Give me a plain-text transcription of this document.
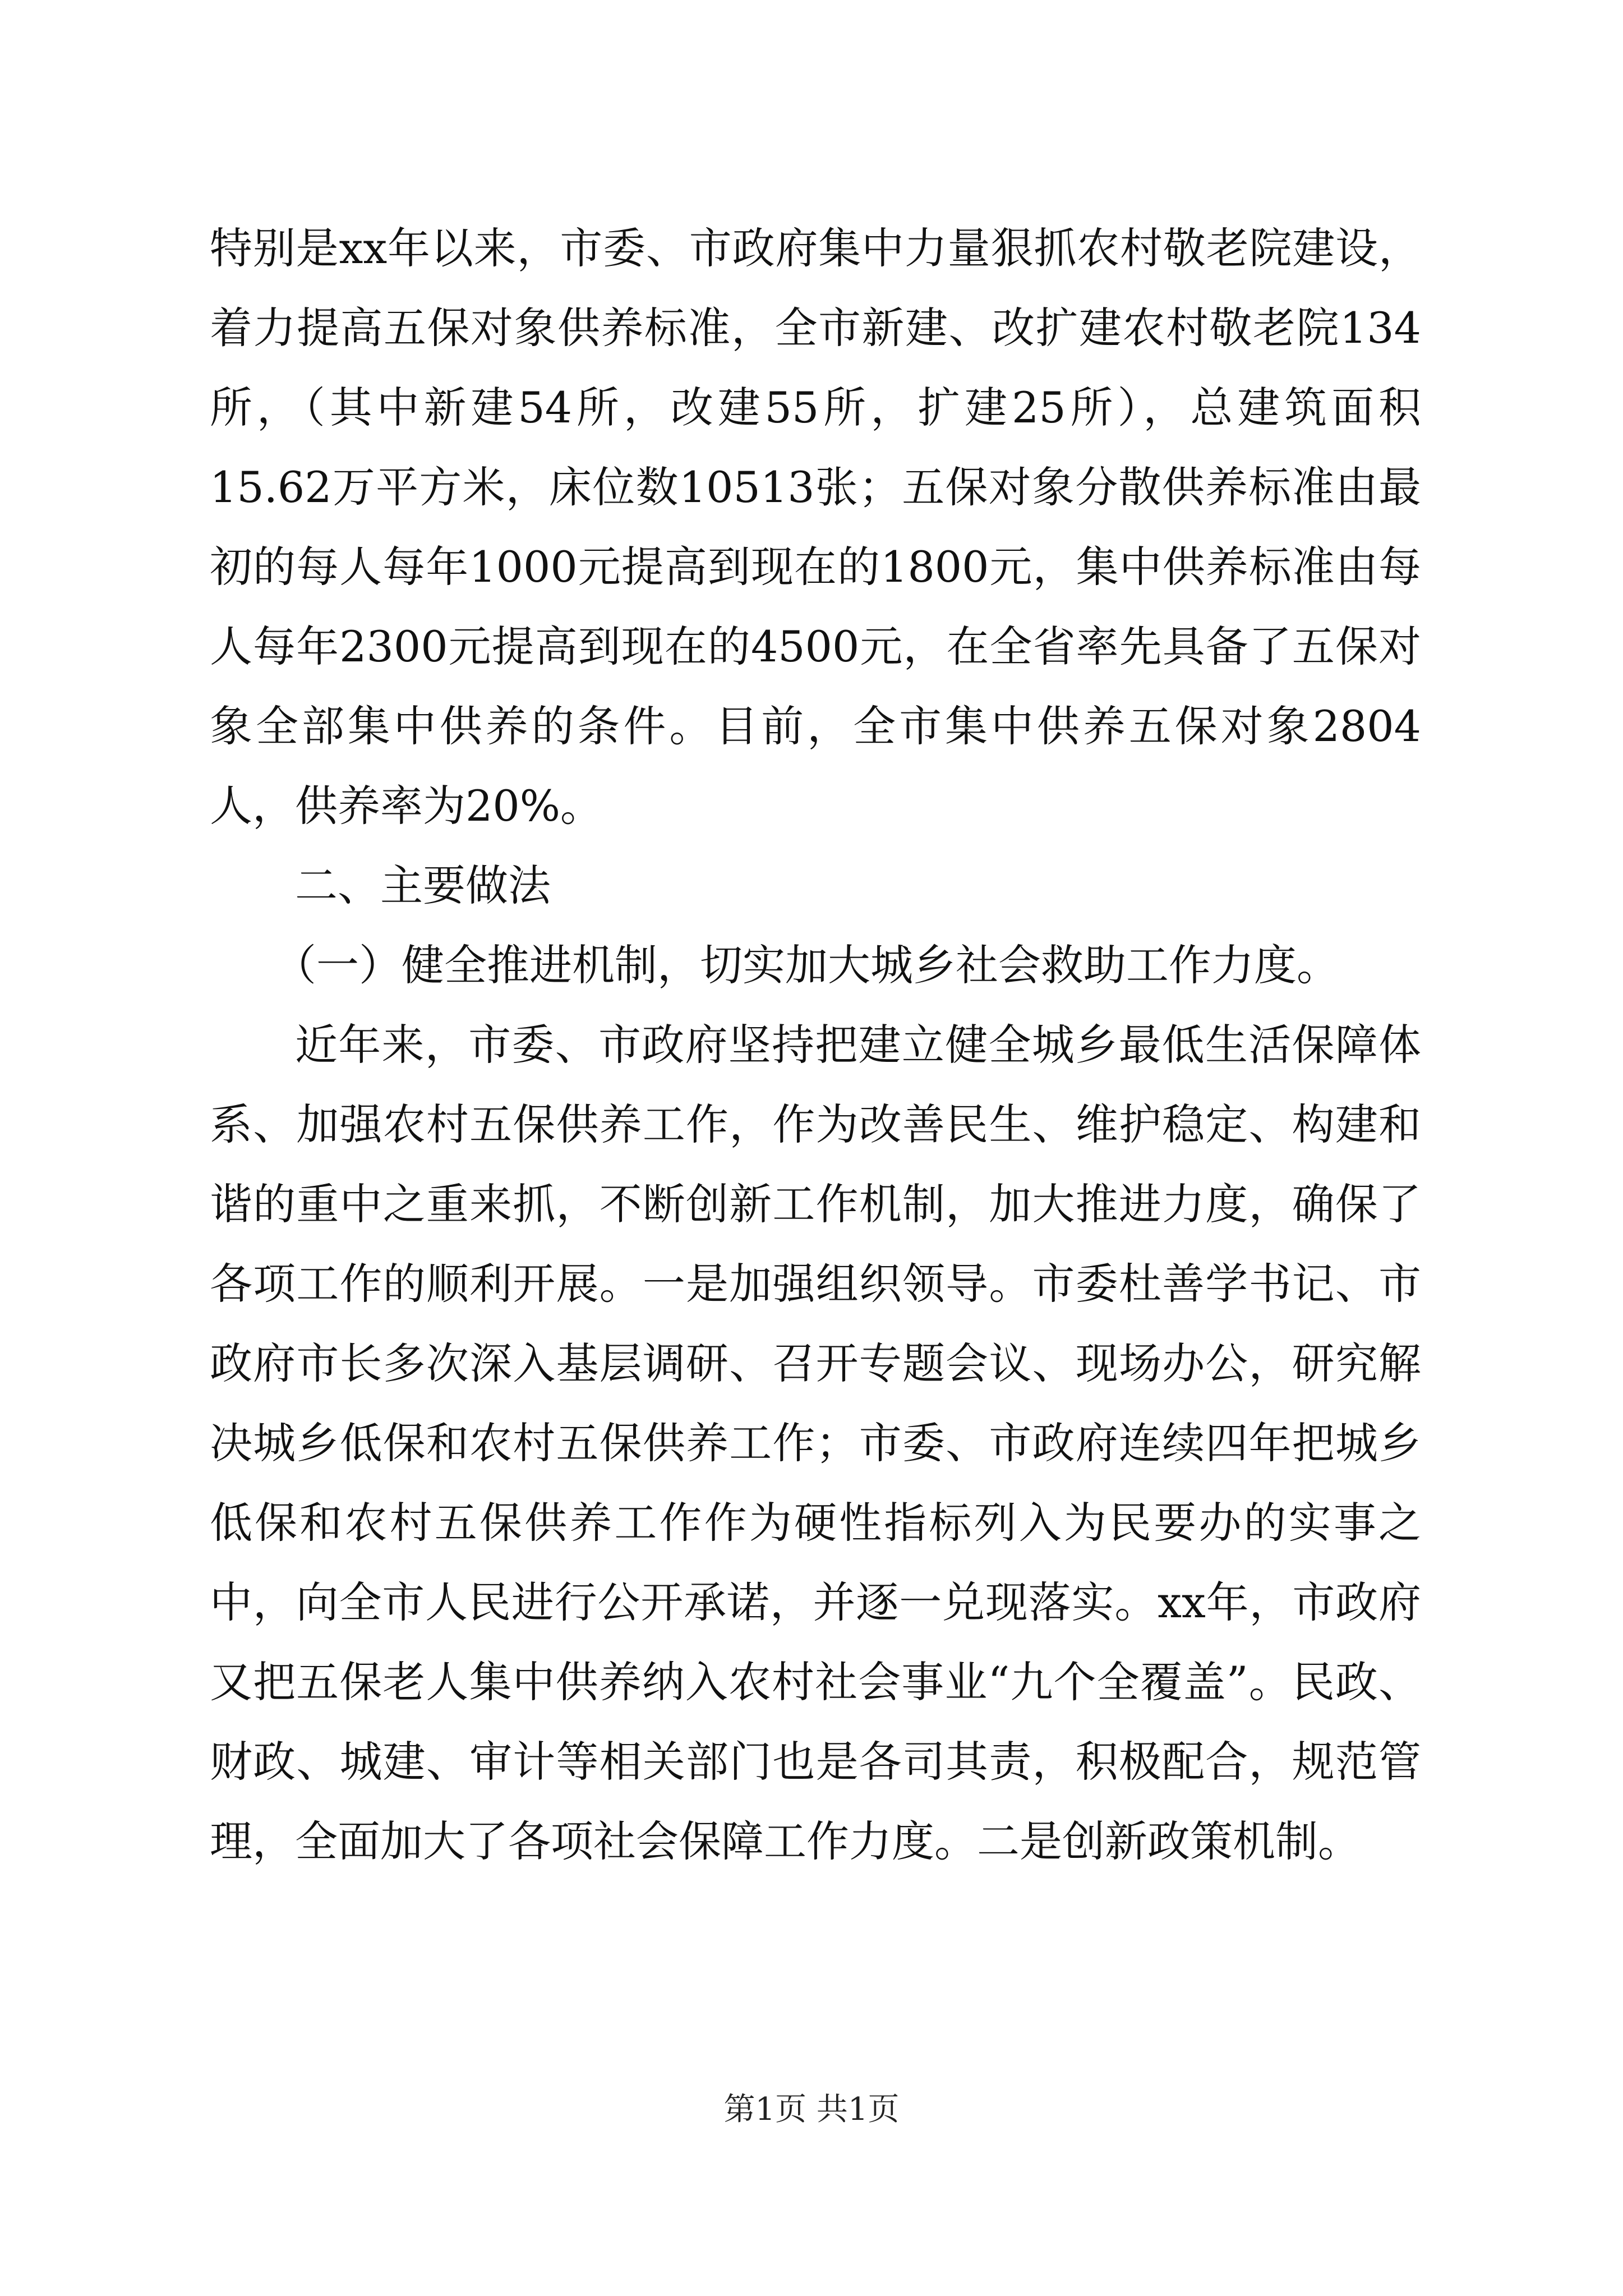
特别是xx年以来，市委、市政府集中力量狠抓农村敬老院建设，着力提高五保对象供养标准，全市新建、改扩建农村敬老院134所，（其中新建54所，改建55所，扩建25所），总建筑面积15.62万平方米，床位数10513张；五保对象分散供养标准由最初的每人每年1000元提高到现在的1800元，集中供养标准由每人每年2300元提高到现在的4500元，在全省率先具备了五保对象全部集中供养的条件。目前，全市集中供养五保对象2804人，供养率为20%。

二、主要做法

（一）健全推进机制，切实加大城乡社会救助工作力度。

近年来，市委、市政府坚持把建立健全城乡最低生活保障体系、加强农村五保供养工作，作为改善民生、维护稳定、构建和谐的重中之重来抓，不断创新工作机制，加大推进力度，确保了各项工作的顺利开展。一是加强组织领导。市委杜善学书记、市政府市长多次深入基层调研、召开专题会议、现场办公，研究解决城乡低保和农村五保供养工作；市委、市政府连续四年把城乡低保和农村五保供养工作作为硬性指标列入为民要办的实事之中，向全市人民进行公开承诺，并逐一兑现落实。xx年，市政府又把五保老人集中供养纳入农村社会事业“九个全覆盖”。民政、财政、城建、审计等相关部门也是各司其责，积极配合，规范管理，全面加大了各项社会保障工作力度。二是创新政策机制。

第1页 共1页
